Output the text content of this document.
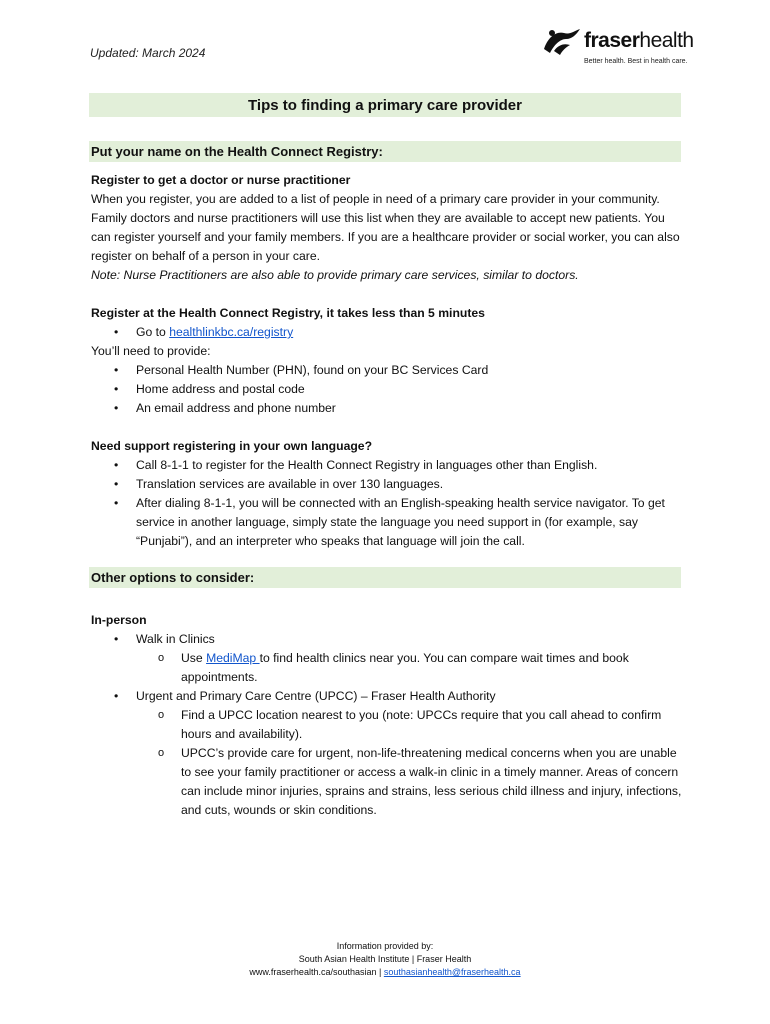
Updated: March 2024
fraserhealth
Better health. Best in health care.
Tips to finding a primary care provider
Put your name on the Health Connect Registry:

Register to get a doctor or nurse practitioner

When you register, you are added to a list of people in need of a primary care provider in your community. Family doctors and nurse practitioners will use this list when they are available to accept new patients. You can register yourself and your family members. If you are a healthcare provider or social worker, you can also register on behalf of a person in your care.

Note: Nurse Practitioners are also able to provide primary care services, similar to doctors.

Register at the Health Connect Registry, it takes less than 5 minutes

• Go to healthlinkbc.ca/registry

You’ll need to provide:

• Personal Health Number (PHN), found on your BC Services Card
• Home address and postal code
• An email address and phone number

Need support registering in your own language?

• Call 8-1-1 to register for the Health Connect Registry in languages other than English.
• Translation services are available in over 130 languages.
• After dialing 8-1-1, you will be connected with an English-speaking health service navigator. To get service in another language, simply state the language you need support in (for example, say “Punjabi”), and an interpreter who speaks that language will join the call.
Other options to consider:

In-person

• Walk in Clinics
o Use MediMap to find health clinics near you. You can compare wait times and book appointments.
• Urgent and Primary Care Centre (UPCC) – Fraser Health Authority
o Find a UPCC location nearest to you (note: UPCCs require that you call ahead to confirm hours and availability).
o UPCC’s provide care for urgent, non-life-threatening medical concerns when you are unable to see your family practitioner or access a walk-in clinic in a timely manner. Areas of concern can include minor injuries, sprains and strains, less serious child illness and injury, infections, and cuts, wounds or skin conditions.
Information provided by:
South Asian Health Institute | Fraser Health
www.fraserhealth.ca/southasian | southasianhealth@fraserhealth.ca
